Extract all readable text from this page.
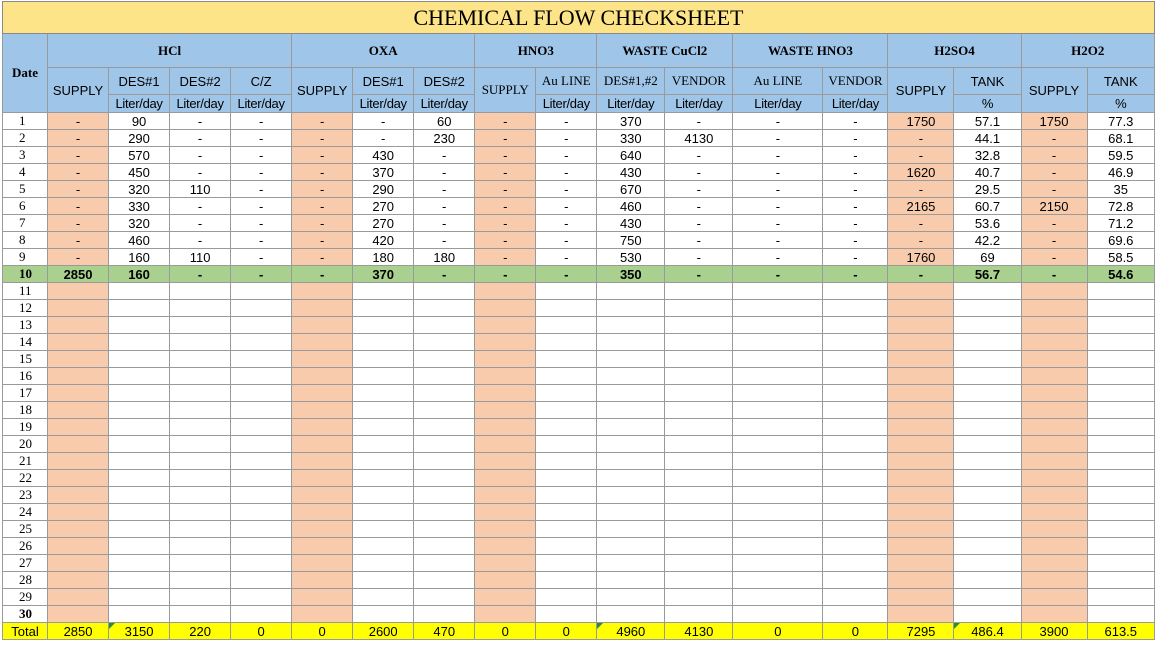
CHEMICAL FLOW CHECKSHEET																	
Date	HCl				OXA			HNO3		WASTE CuCl2		WASTE HNO3		H2SO4		H2O2	
	SUPPLY	DES#1	DES#2	C/Z	SUPPLY	DES#1	DES#2	SUPPLY	Au LINE	DES#1,#2	VENDOR	Au LINE	VENDOR	SUPPLY	TANK	SUPPLY	TANK
		Liter/day	Liter/day	Liter/day		Liter/day	Liter/day		Liter/day	Liter/day	Liter/day	Liter/day	Liter/day		%		%
1	-	90	-	-	-	-	60	-	-	370	-	-	-	1750	57.1	1750	77.3
2	-	290	-	-	-	-	230	-	-	330	4130	-	-	-	44.1	-	68.1
3	-	570	-	-	-	430	-	-	-	640	-	-	-	-	32.8	-	59.5
4	-	450	-	-	-	370	-	-	-	430	-	-	-	1620	40.7	-	46.9
5	-	320	110	-	-	290	-	-	-	670	-	-	-	-	29.5	-	35
6	-	330	-	-	-	270	-	-	-	460	-	-	-	2165	60.7	2150	72.8
7	-	320	-	-	-	270	-	-	-	430	-	-	-	-	53.6	-	71.2
8	-	460	-	-	-	420	-	-	-	750	-	-	-	-	42.2	-	69.6
9	-	160	110	-	-	180	180	-	-	530	-	-	-	1760	69	-	58.5
10	2850	160	-	-	-	370	-	-	-	350	-	-	-	-	56.7	-	54.6
11																	
12																	
13																	
14																	
15																	
16																	
17																	
18																	
19																	
20																	
21																	
22																	
23																	
24																	
25																	
26																	
27																	
28																	
29																	
30																	
Total	2850	3150	220	0	0	2600	470	0	0	4960	4130	0	0	7295	486.4	3900	613.5
